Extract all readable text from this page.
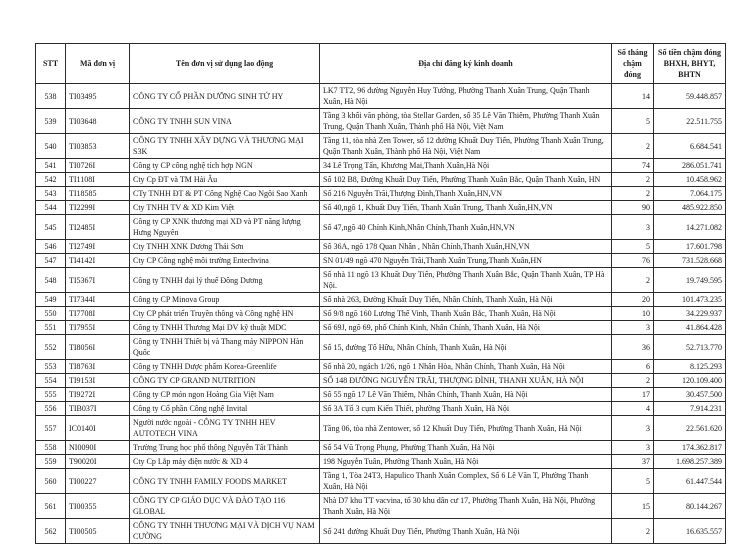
STT	Mã đơn vị	Tên đơn vị sử dụng lao động	Địa chỉ đăng ký kinh doanh	Số tháng chậm đóng	Số tiền chậm đóng BHXH, BHYT, BHTN
538	TI03495	CÔNG TY CỔ PHẦN DƯỠNG SINH TỨ HY	LK7 TT2, 96 đường Nguyễn Huy Tưởng, Phường Thanh Xuân Trung, Quận Thanh Xuân, Hà Nội	14	59.448.857
539	TI03648	CÔNG TY TNHH SUN VINA	Tầng 3 khối văn phòng, tòa Stellar Garden, số 35 Lê Văn Thiêm, Phường Thanh Xuân Trung, Quận Thanh Xuân, Thành phố Hà Nội, Việt Nam	5	22.511.755
540	TI03853	CÔNG TY TNHH XÂY DỰNG VÀ THƯƠNG MẠI S3K	Tầng 11, tòa nhà Zen Tower, số 12 đường Khuất Duy Tiến, Phường Thanh Xuân Trung, Quận Thanh Xuân, Thành phố Hà Nội, Việt Nam	2	6.684.541
541	TI0726I	Công ty CP công nghệ tích hợp NGN	34 Lê Trọng Tấn, Khương Mai,Thanh Xuân,Hà Nội	74	286.051.741
542	TI1108I	Cty Cp ĐT và TM Hải Âu	Số 102 B8, Đường Khuất Duy Tiến, Phường Thanh Xuân Bắc, Quận Thanh Xuân, HN	2	10.458.962
543	TI18585	CTy TNHH ĐT & PT Công Nghệ Cao Ngôi Sao Xanh	Số 216 Nguyễn Trãi,Thượng Đình,Thanh Xuân,HN,VN	2	7.064.175
544	TI2299I	Cty TNHH TV & XD Kim Việt	Số 40,ngõ 1, Khuất Duy Tiến, Thanh Xuân Trung, Thanh Xuân,HN,VN	90	485.922.850
545	TI2485I	Công ty CP XNK thương mại XD và PT năng lượng Hưng Nguyên	Số 47,ngõ 40 Chính Kinh,Nhân Chính,Thanh Xuân,HN,VN	3	14.271.082
546	TI2749I	Cty TNHH XNK Dương Thái Sơn	Số 36A, ngõ 178 Quan Nhân , Nhân Chính,Thanh Xuân,HN,VN	5	17.601.798
547	TI4142I	Cty CP Công nghệ môi trường Entechvina	SN 01/49 ngõ 470 Nguyễn Trãi,Thanh Xuân Trung,Thanh Xuân,HN	76	731.528.668
548	TI5367I	Công ty TNHH đại lý thuế Đông Dương	Số nhà 11 ngõ 13 Khuất Duy Tiến, Phường Thanh Xuân Bắc, Quận Thanh Xuân, TP Hà Nội.	2	19.749.595
549	TI7344I	Công ty CP Minova Group	Số nhà 263, Đường Khuất Duy Tiến, Nhân Chính, Thanh Xuân, Hà Nội	20	101.473.235
550	TI7708I	Cty CP phát triển Truyền thông và Công nghệ HN	Số 9/8 ngõ 160 Lương Thế Vinh, Thanh Xuân Bắc, Thanh Xuân, Hà Nội	10	34.229.937
551	TI7955I	Công ty TNHH Thương Mại DV kỹ thuật MDC	Số 69J, ngõ 69, phố Chính Kinh, Nhân Chính, Thanh Xuân, Hà Nội	3	41.864.428
552	TI8056I	Công ty TNHH Thiết bị và Thang máy NIPPON Hàn Quốc	Số 15, đường Tố Hữu, Nhân Chính, Thanh Xuân, Hà Nội	36	52.713.770
553	TI8763I	Công ty TNHH Dược phẩm Korea-Greenlife	Số nhà 20, ngách 1/26, ngõ 1 Nhân Hòa, Nhân Chính, Thanh Xuân, Hà Nội	6	8.125.293
554	TI9153I	CÔNG TY CP GRAND NUTRITION	SỐ 148 ĐƯỜNG NGUYỄN TRÃI, THƯỢNG ĐÌNH, THANH XUÂN, HÀ NỘI	2	120.109.400
555	TI9272I	Công ty CP món ngon Hoàng Gia Việt Nam	Số 55 ngõ 17 Lê Văn Thiêm, Nhân Chính, Thanh Xuân, Hà Nội	17	30.457.500
556	TIB037I	Công ty Cổ phần Công nghệ Invital	Số 3A Tổ 3 cụm Kiến Thiết, phường Thanh Xuân, Hà Nội	4	7.914.231
557	IC0140I	Người nước ngoài - CÔNG TY TNHH HEV AUTOTECH VINA	Tầng 06, tòa nhà Zentower, số 12 Khuất Duy Tiến, Phường Thanh Xuân, Hà Nội	3	22.561.620
558	NI0090I	Trường Trung học phổ thông Nguyễn Tất Thành	Số 54 Vũ Trọng Phụng, Phường Thanh Xuân, Hà Nội	3	174.362.817
559	T90020I	Cty Cp Lắp máy điện nước & XD 4	198 Nguyễn Tuân, Phường Thanh Xuân, Hà Nội	37	1.698.257.389
560	TI00227	CÔNG TY TNHH FAMILY FOODS MARKET	Tầng 1, Tòa 24T3, Hapulico Thanh Xuân Complex, Số 6 Lê Văn T, Phường Thanh Xuân, Hà Nội	5	61.447.544
561	TI00355	CÔNG TY CP GIÁO DỤC VÀ ĐÀO TẠO 116 GLOBAL	Nhà D7 khu TT vacvina, tổ 30 khu dân cư 17, Phường Thanh Xuân, Hà Nội, Phường Thanh Xuân, Hà Nội	15	80.144.267
562	TI00505	CÔNG TY TNHH THƯƠNG MẠI VÀ DỊCH VỤ NAM CƯỜNG	Số 241 đường Khuất Duy Tiến, Phường Thanh Xuân, Hà Nội	2	16.635.557
